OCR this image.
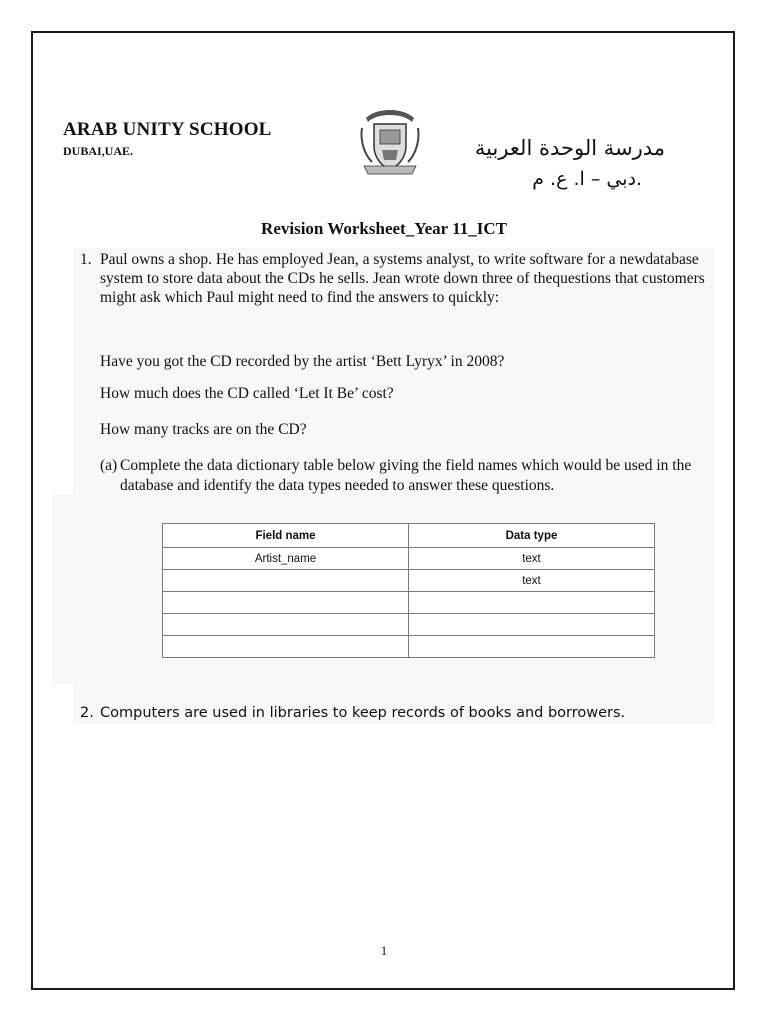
ARAB UNITY SCHOOL
DUBAI,UAE.	مدرسة الوحدة العربية
.دبي – ا. ع. م
Revision Worksheet_Year 11_ICT
1. Paul owns a shop. He has employed Jean, a systems analyst, to write software for a newdatabase system to store data about the CDs he sells. Jean wrote down three of thequestions that customers might ask which Paul might need to find the answers to quickly:
Have you got the CD recorded by the artist ‘Bett Lyryx’ in 2008?
How much does the CD called ‘Let It Be’ cost?
How many tracks are on the CD?
(a) Complete the data dictionary table below giving the field names which would be used in the database and identify the data types needed to answer these questions.
Field name	Data type
Artist_name	text
	text

2. Computers are used in libraries to keep records of books and borrowers.
1
